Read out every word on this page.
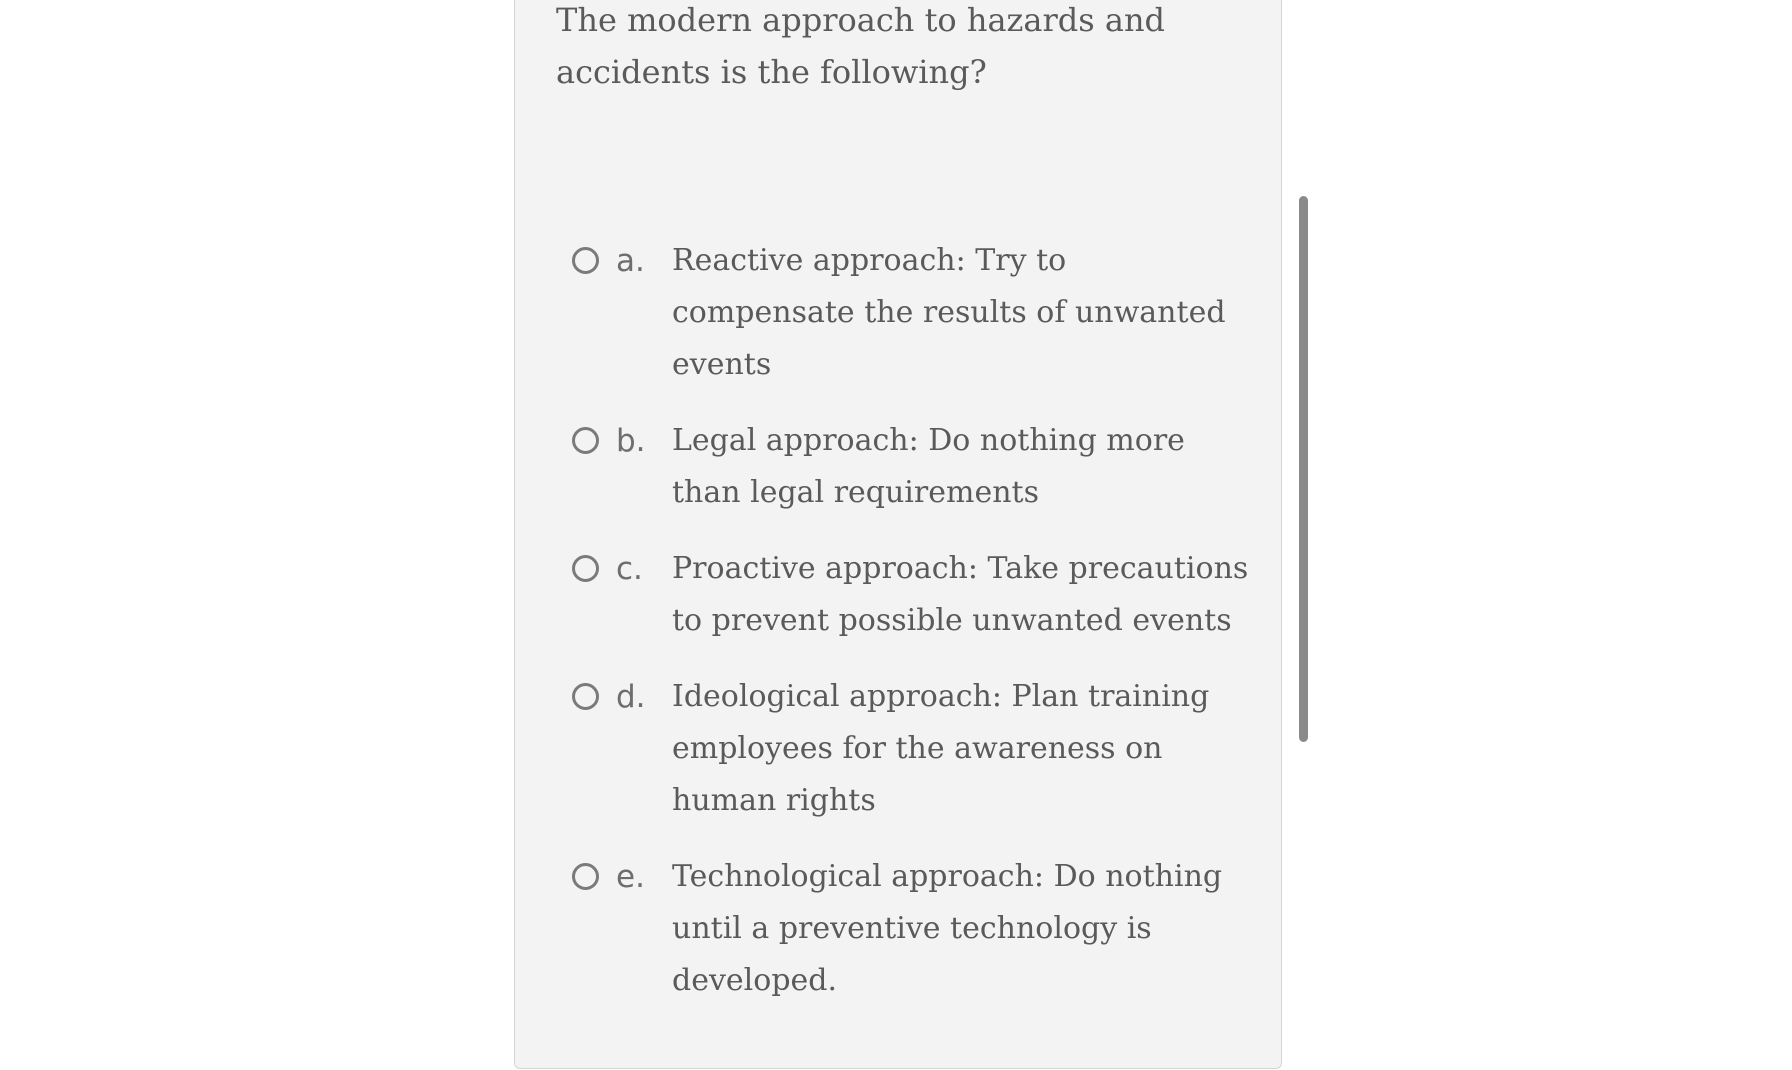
The modern approach to hazards and accidents is the following?

a. Reactive approach: Try to compensate the results of unwanted events
b. Legal approach: Do nothing more than legal requirements
c. Proactive approach: Take precautions to prevent possible unwanted events
d. Ideological approach: Plan training employees for the awareness on human rights
e. Technological approach: Do nothing until a preventive technology is developed.
